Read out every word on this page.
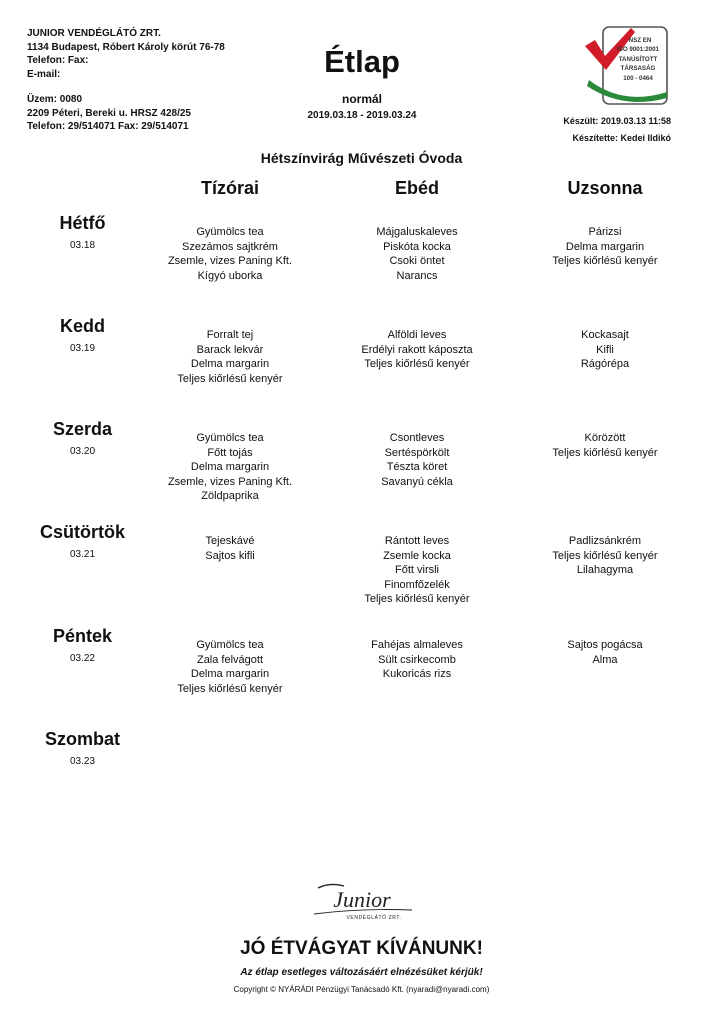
JUNIOR VENDÉGLÁTÓ ZRT.
1134 Budapest, Róbert Károly körút 76-78
Telefon: Fax:
E-mail:
Üzem: 0080
2209 Péteri, Bereki u. HRSZ 428/25
Telefon: 29/514071 Fax: 29/514071
Étlap
normál
2019.03.18 - 2019.03.24
NSZ EN
ISO 9001:2001
TANÚSÍTOTT
TÁRSASÁG
100 - 0464
Készült: 2019.03.13 11:58
Készítette: Kedei Ildikó
Hétszínvirág Művészeti Óvoda
Tízórai	Ebéd	Uzsonna
Hétfő
03.18
Gyümölcs tea
Szezámos sajtkrém
Zsemle, vizes Paning Kft.
Kígyó uborka
Májgaluskaleves
Piskóta kocka
Csoki öntet
Narancs
Párizsi
Delma margarin
Teljes kiőrlésű kenyér
Kedd
03.19
Forralt tej
Barack lekvár
Delma margarin
Teljes kiőrlésű kenyér
Alföldi leves
Erdélyi rakott káposzta
Teljes kiőrlésű kenyér
Kockasajt
Kifli
Rágórépa
Szerda
03.20
Gyümölcs tea
Főtt tojás
Delma margarin
Zsemle, vizes Paning Kft.
Zöldpaprika
Csontleves
Sertéspörkölt
Tészta köret
Savanyú cékla
Körözött
Teljes kiőrlésű kenyér
Csütörtök
03.21
Tejeskávé
Sajtos kifli
Rántott leves
Zsemle kocka
Főtt virsli
Finomfőzelék
Teljes kiőrlésű kenyér
Padlizsánkrém
Teljes kiőrlésű kenyér
Lilahagyma
Péntek
03.22
Gyümölcs tea
Zala felvágott
Delma margarin
Teljes kiőrlésű kenyér
Fahéjas almaleves
Sült csirkecomb
Kukoricás rizs
Sajtos pogácsa
Alma
Szombat
03.23
Junior
VENDÉGLÁTÓ ZRT.
JÓ ÉTVÁGYAT KÍVÁNUNK!
Az étlap esetleges változásáért elnézésüket kérjük!
Copyright © NYÁRÁDI Pénzügyi Tanácsadó Kft. (nyaradi@nyaradi.com)
